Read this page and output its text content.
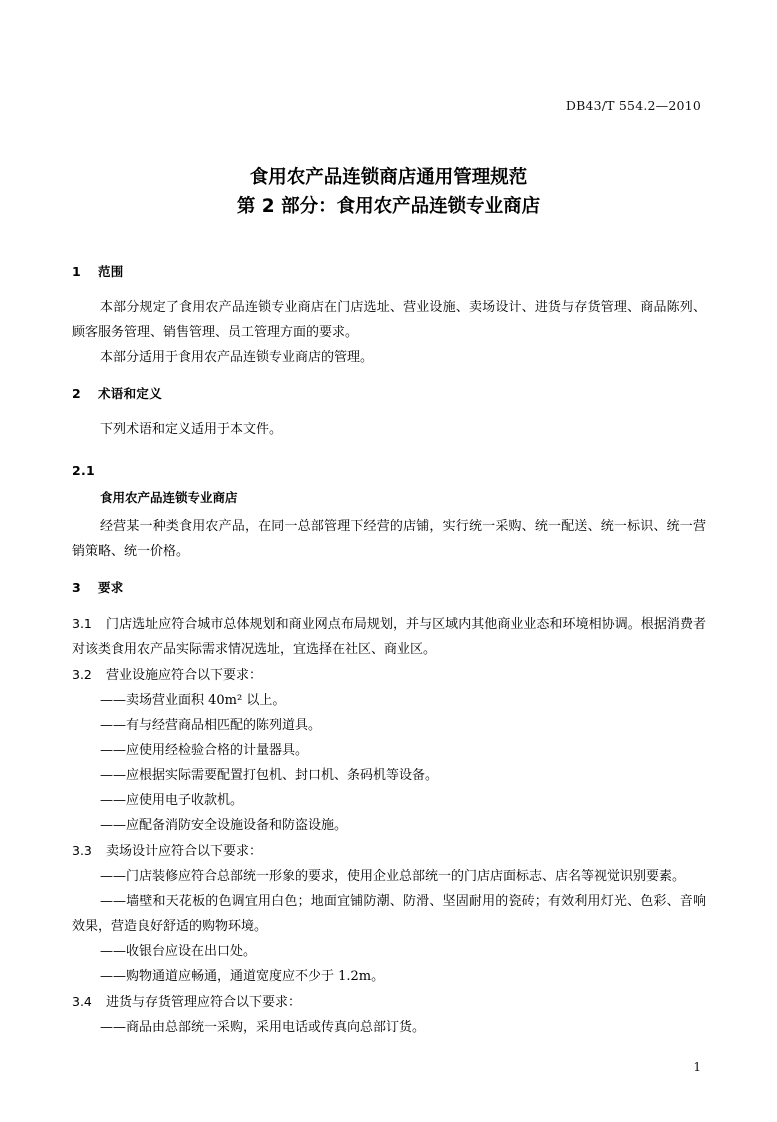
DB43/T 554.2—2010
食用农产品连锁商店通用管理规范
第 2 部分：食用农产品连锁专业商店
1 范围

本部分规定了食用农产品连锁专业商店在门店选址、营业设施、卖场设计、进货与存货管理、商品陈列、顾客服务管理、销售管理、员工管理方面的要求。

本部分适用于食用农产品连锁专业商店的管理。

2 术语和定义

下列术语和定义适用于本文件。

2.1

食用农产品连锁专业商店

经营某一种类食用农产品，在同一总部管理下经营的店铺，实行统一采购、统一配送、统一标识、统一营销策略、统一价格。

3 要求

3.1 门店选址应符合城市总体规划和商业网点布局规划，并与区域内其他商业业态和环境相协调。根据消费者对该类食用农产品实际需求情况选址，宜选择在社区、商业区。

3.2 营业设施应符合以下要求：

——卖场营业面积 40m² 以上。

——有与经营商品相匹配的陈列道具。

——应使用经检验合格的计量器具。

——应根据实际需要配置打包机、封口机、条码机等设备。

——应使用电子收款机。

——应配备消防安全设施设备和防盗设施。

3.3 卖场设计应符合以下要求：

——门店装修应符合总部统一形象的要求，使用企业总部统一的门店店面标志、店名等视觉识别要素。

——墙壁和天花板的色调宜用白色；地面宜铺防潮、防滑、坚固耐用的瓷砖；有效利用灯光、色彩、音响效果，营造良好舒适的购物环境。

——收银台应设在出口处。

——购物通道应畅通，通道宽度应不少于 1.2m。

3.4 进货与存货管理应符合以下要求：

——商品由总部统一采购，采用电话或传真向总部订货。

1
